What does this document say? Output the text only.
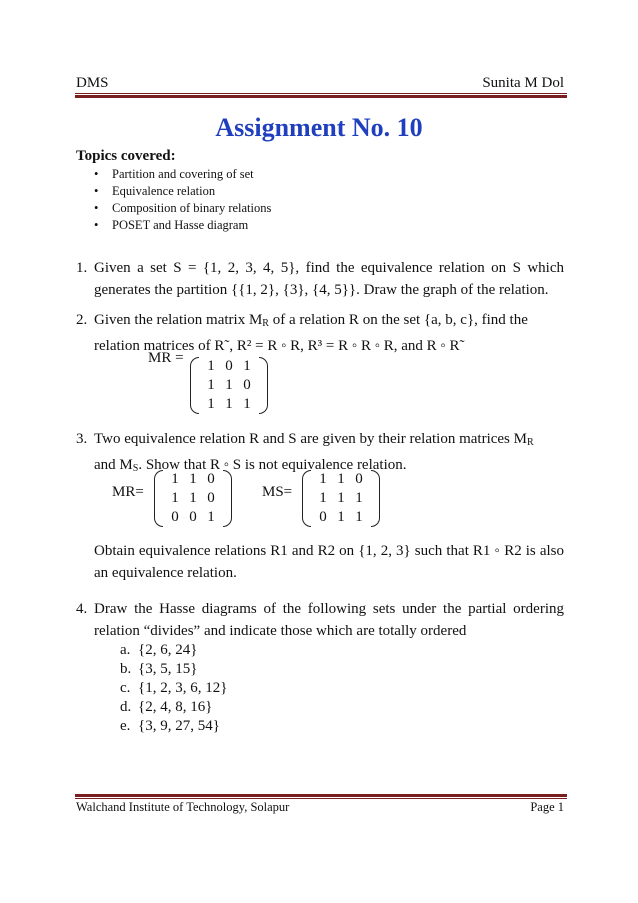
DMS	Sunita M Dol
Assignment No. 10
Topics covered:
• Partition and covering of set
• Equivalence relation
• Composition of binary relations
• POSET and Hasse diagram
1. Given a set S = {1, 2, 3, 4, 5}, find the equivalence relation on S which generates the partition {{1, 2}, {3}, {4, 5}}. Draw the graph of the relation.

2. Given the relation matrix $M_R$ of a relation R on the set {a, b, c}, find the

relation matrices of R˜, R² = R ◦ R, R³ = R ◦ R ◦ R, and R ◦ R˜

MR = 1	0	1
1	1	0
1	1	1
3. Two equivalence relation R and S are given by their relation matrices $M_R$

and $M_S$. Show that R ◦ S is not equivalence relation.

MR=
1	1	0
1	1	0
0	0	1
MS=
1	1	0
1	1	1
0	1	1

Obtain equivalence relations R1 and R2 on {1, 2, 3} such that R1 ◦ R2 is also an equivalence relation.

4. Draw the Hasse diagrams of the following sets under the partial ordering relation “divides” and indicate those which are totally ordered

a. {2, 6, 24}
b. {3, 5, 15}
c. {1, 2, 3, 6, 12}
d. {2, 4, 8, 16}
e. {3, 9, 27, 54}
Walchand Institute of Technology, Solapur	Page 1
